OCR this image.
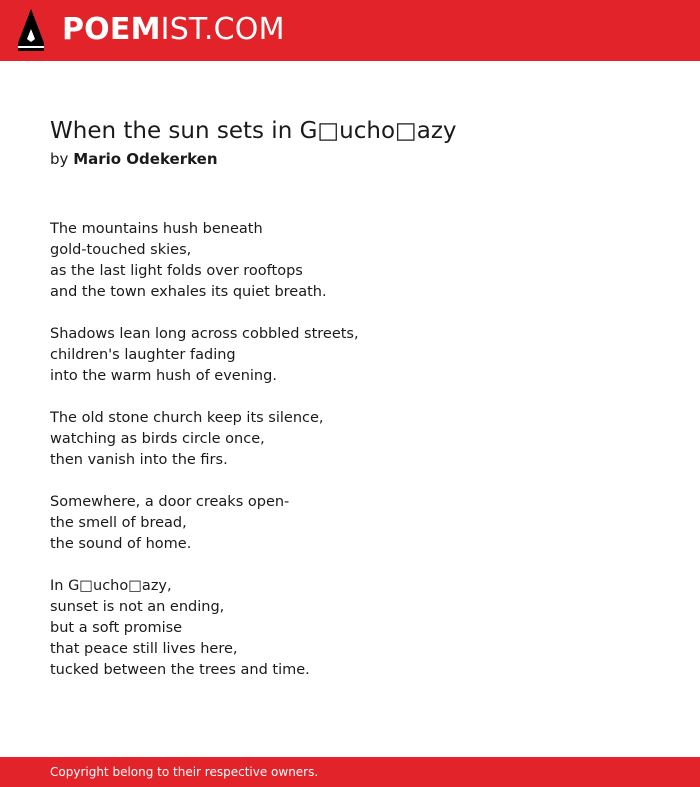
POEMIST.COM
When the sun sets in G□ucho□azy
by Mario Odekerken
The mountains hush beneath
gold-touched skies,
as the last light folds over rooftops
and the town exhales its quiet breath.
Shadows lean long across cobbled streets,
children's laughter fading
into the warm hush of evening.
The old stone church keep its silence,
watching as birds circle once,
then vanish into the firs.
Somewhere, a door creaks open-
the smell of bread,
the sound of home.
In G□ucho□azy,
sunset is not an ending,
but a soft promise
that peace still lives here,
tucked between the trees and time.
Copyright belong to their respective owners.
